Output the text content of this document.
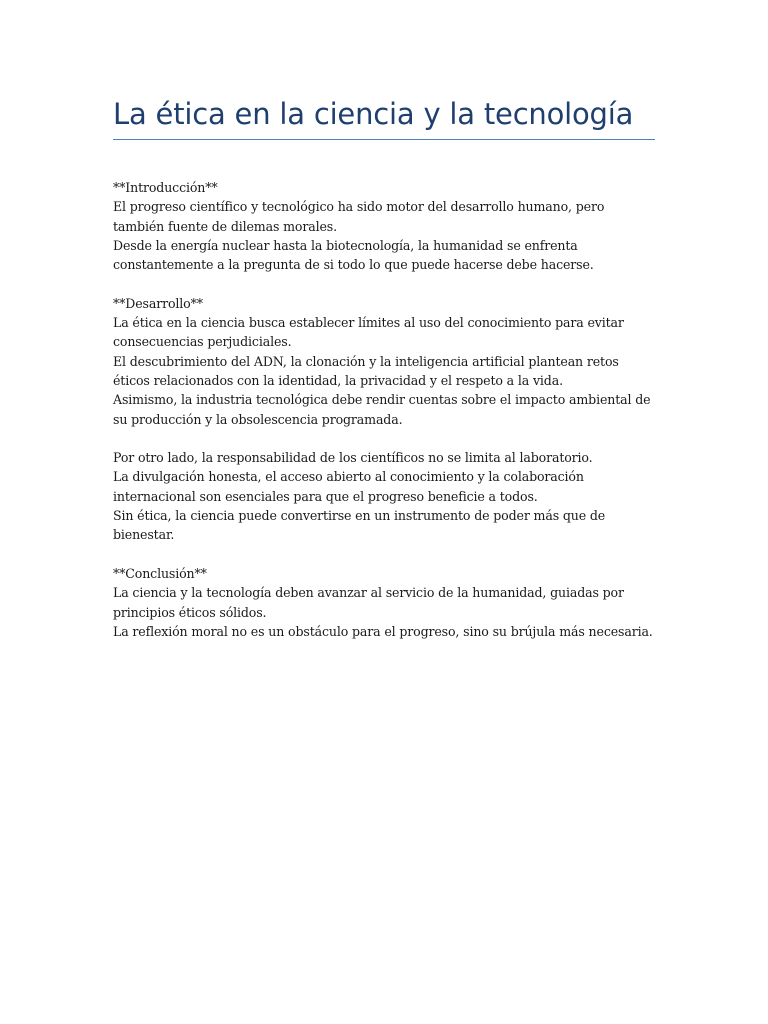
La ética en la ciencia y la tecnología

**Introducción**

El progreso científico y tecnológico ha sido motor del desarrollo humano, pero también fuente de dilemas morales.

Desde la energía nuclear hasta la biotecnología, la humanidad se enfrenta constantemente a la pregunta de si todo lo que puede hacerse debe hacerse.

**Desarrollo**

La ética en la ciencia busca establecer límites al uso del conocimiento para evitar consecuencias perjudiciales.

El descubrimiento del ADN, la clonación y la inteligencia artificial plantean retos éticos relacionados con la identidad, la privacidad y el respeto a la vida.

Asimismo, la industria tecnológica debe rendir cuentas sobre el impacto ambiental de su producción y la obsolescencia programada.

Por otro lado, la responsabilidad de los científicos no se limita al laboratorio.

La divulgación honesta, el acceso abierto al conocimiento y la colaboración internacional son esenciales para que el progreso beneficie a todos.

Sin ética, la ciencia puede convertirse en un instrumento de poder más que de bienestar.

**Conclusión**

La ciencia y la tecnología deben avanzar al servicio de la humanidad, guiadas por principios éticos sólidos.

La reflexión moral no es un obstáculo para el progreso, sino su brújula más necesaria.
